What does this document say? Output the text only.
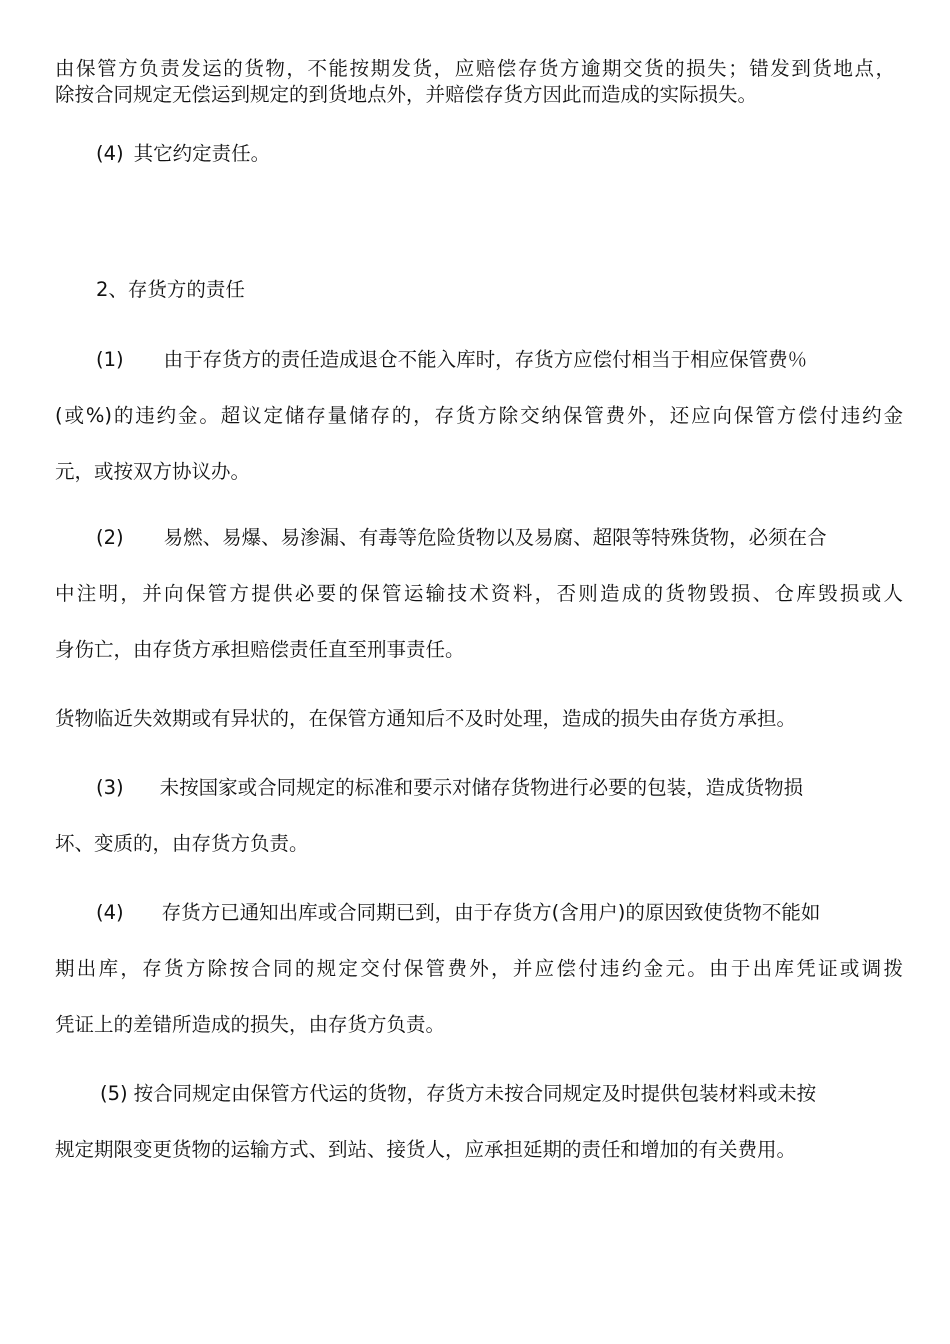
由保管方负责发运的货物，不能按期发货，应赔偿存货方逾期交货的损失；错发到货地点，
除按合同规定无偿运到规定的到货地点外，并赔偿存货方因此而造成的实际损失。
(4) 其它约定责任。
2、存货方的责任
(1) 由于存货方的责任造成退仓不能入库时，存货方应偿付相当于相应保管费％
(或%)的违约金。超议定储存量储存的，存货方除交纳保管费外，还应向保管方偿付违约金
元，或按双方协议办。
(2) 易燃、易爆、易渗漏、有毒等危险货物以及易腐、超限等特殊货物，必须在合
中注明，并向保管方提供必要的保管运输技术资料，否则造成的货物毁损、仓库毁损或人
身伤亡，由存货方承担赔偿责任直至刑事责任。
货物临近失效期或有异状的，在保管方通知后不及时处理，造成的损失由存货方承担。
(3) 未按国家或合同规定的标准和要示对储存货物进行必要的包装，造成货物损
坏、变质的，由存货方负责。
(4) 存货方已通知出库或合同期已到，由于存货方(含用户)的原因致使货物不能如
期出库，存货方除按合同的规定交付保管费外，并应偿付违约金元。由于出库凭证或调拨
凭证上的差错所造成的损失，由存货方负责。
(5) 按合同规定由保管方代运的货物，存货方未按合同规定及时提供包装材料或未按
规定期限变更货物的运输方式、到站、接货人，应承担延期的责任和增加的有关费用。
